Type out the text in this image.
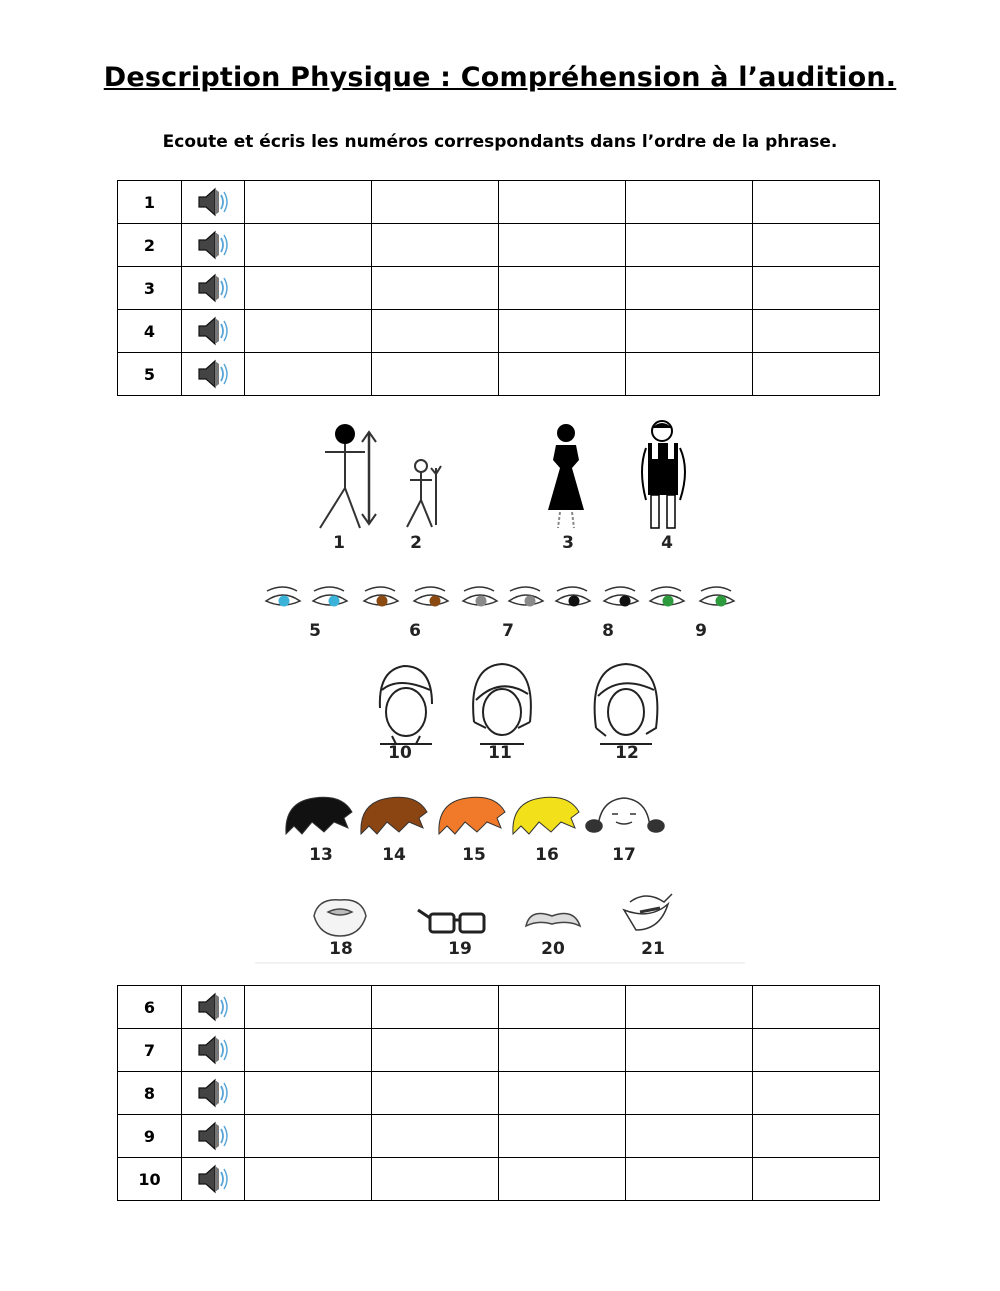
Description Physique : Compréhension à l’audition.
Ecoute et écris les numéros correspondants dans l’ordre de la phrase.
1						
2						
3						
4						
5						
6						
7						
8						
9						
10						
1	2	3	4
5	6	7	8	9
10	11	12
13	14	15	16	17
18	19	20	21
